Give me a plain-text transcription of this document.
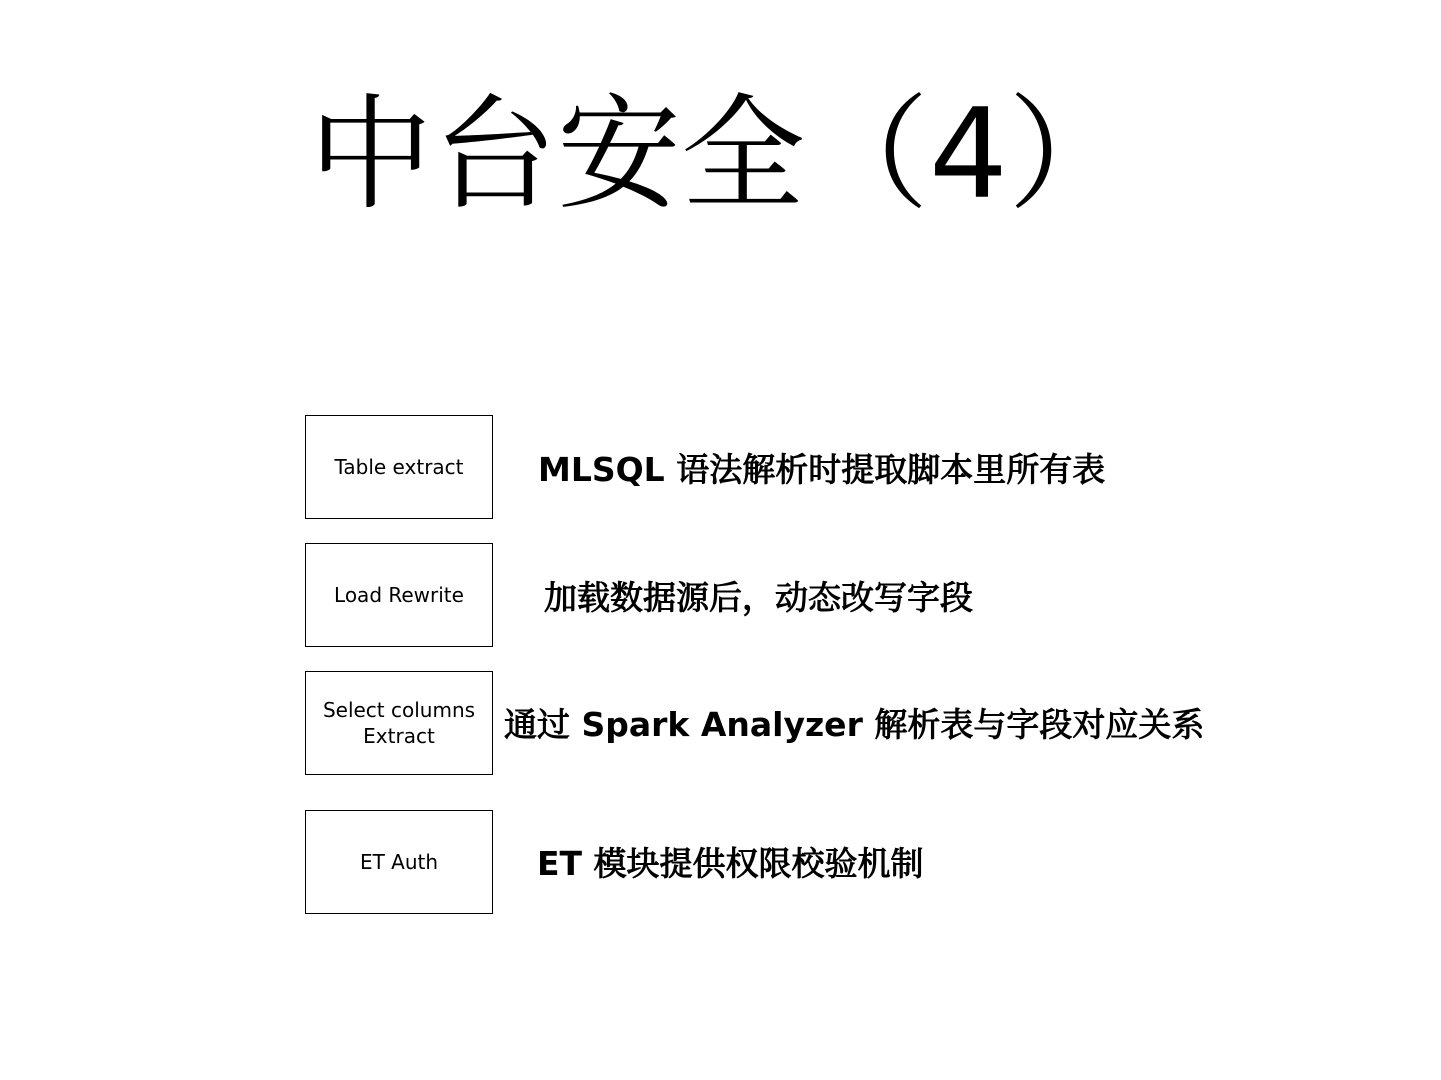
中台安全（4）
Table extract MLSQL 语法解析时提取脚本里所有表
Load Rewrite 加载数据源后，动态改写字段
Select columns
Extract	通过 Spark Analyzer 解析表与字段对应关系
ET Auth	ET 模块提供权限校验机制
